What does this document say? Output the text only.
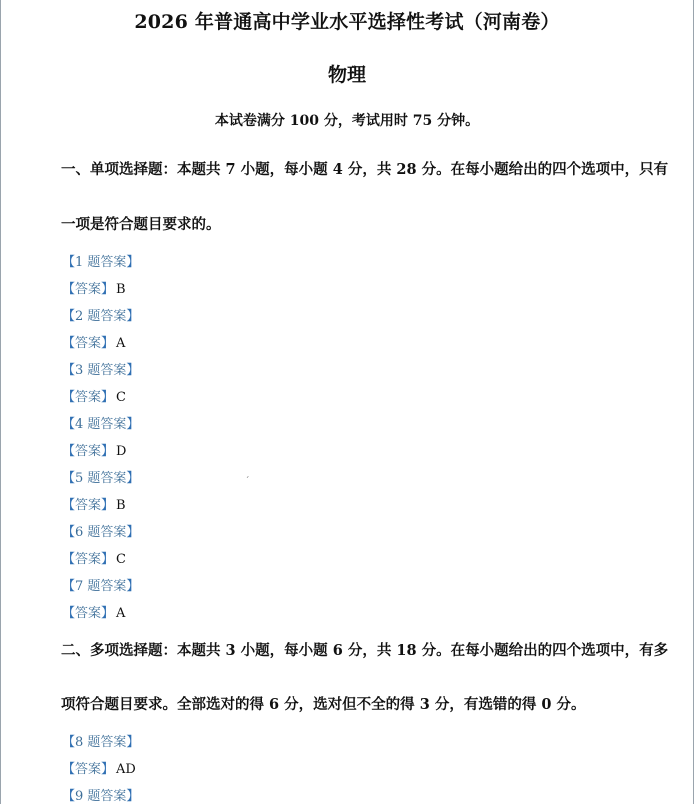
2026 年普通高中学业水平选择性考试（河南卷）
物理
本试卷满分 100 分，考试用时 75 分钟。
一、单项选择题：本题共 7 小题，每小题 4 分，共 28 分。在每小题给出的四个选项中，只有
一项是符合题目要求的。
【1 题答案】
【答案】 B
【2 题答案】
【答案】 A
【3 题答案】
【答案】 C
【4 题答案】
【答案】 D
【5 题答案】
【答案】 B
【6 题答案】
【答案】 C
【7 题答案】
【答案】 A
二、多项选择题：本题共 3 小题，每小题 6 分，共 18 分。在每小题给出的四个选项中，有多
项符合题目要求。全部选对的得 6 分，选对但不全的得 3 分，有选错的得 0 分。
【8 题答案】
【答案】 AD
【9 题答案】
ˊ
